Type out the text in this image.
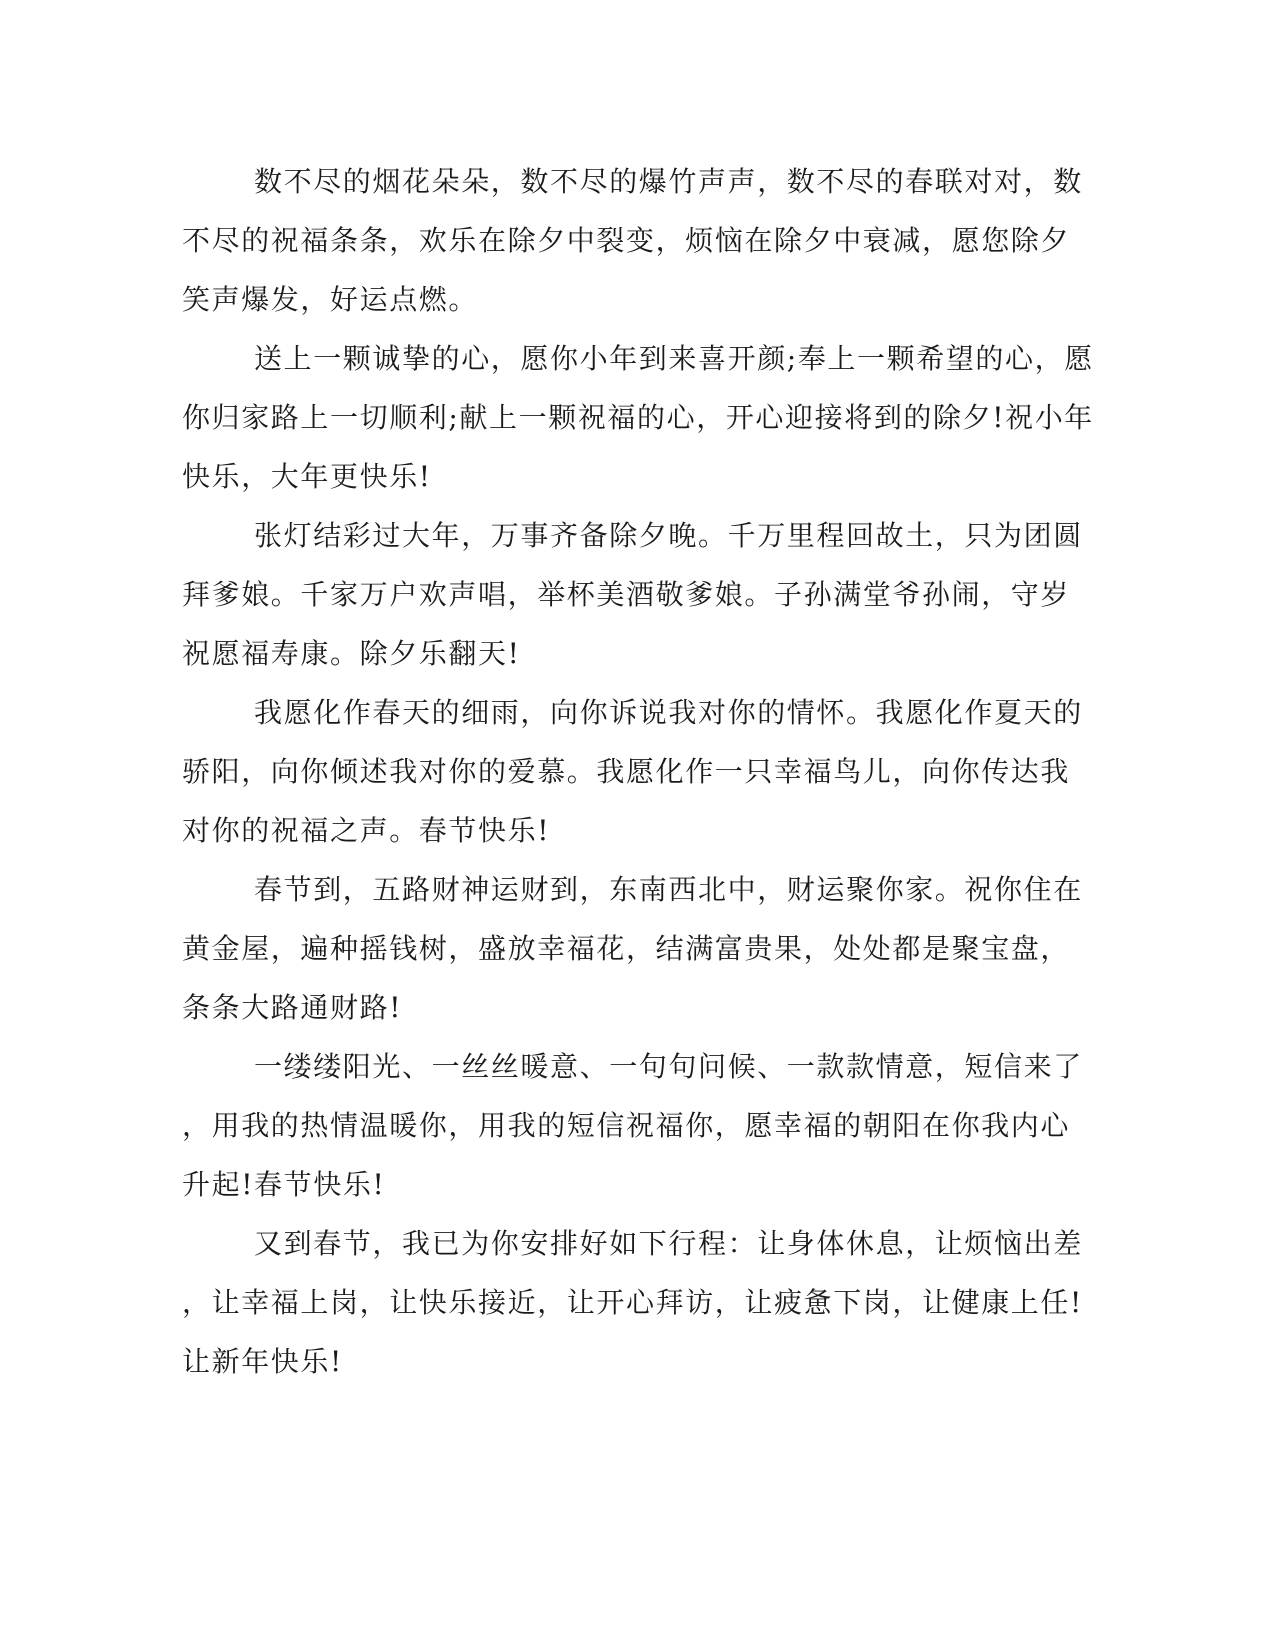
数不尽的烟花朵朵，数不尽的爆竹声声，数不尽的春联对对，数
不尽的祝福条条，欢乐在除夕中裂变，烦恼在除夕中衰减，愿您除夕
笑声爆发，好运点燃。

送上一颗诚挚的心，愿你小年到来喜开颜;奉上一颗希望的心，愿
你归家路上一切顺利;献上一颗祝福的心，开心迎接将到的除夕!祝小年
快乐，大年更快乐!

张灯结彩过大年，万事齐备除夕晚。千万里程回故土，只为团圆
拜爹娘。千家万户欢声唱，举杯美酒敬爹娘。子孙满堂爷孙闹，守岁
祝愿福寿康。除夕乐翻天!

我愿化作春天的细雨，向你诉说我对你的情怀。我愿化作夏天的
骄阳，向你倾述我对你的爱慕。我愿化作一只幸福鸟儿，向你传达我
对你的祝福之声。春节快乐!

春节到，五路财神运财到，东南西北中，财运聚你家。祝你住在
黄金屋，遍种摇钱树，盛放幸福花，结满富贵果，处处都是聚宝盘，
条条大路通财路!

一缕缕阳光、一丝丝暖意、一句句问候、一款款情意，短信来了
，用我的热情温暖你，用我的短信祝福你，愿幸福的朝阳在你我内心
升起!春节快乐!

又到春节，我已为你安排好如下行程：让身体休息，让烦恼出差
，让幸福上岗，让快乐接近，让开心拜访，让疲惫下岗，让健康上任!
让新年快乐!
